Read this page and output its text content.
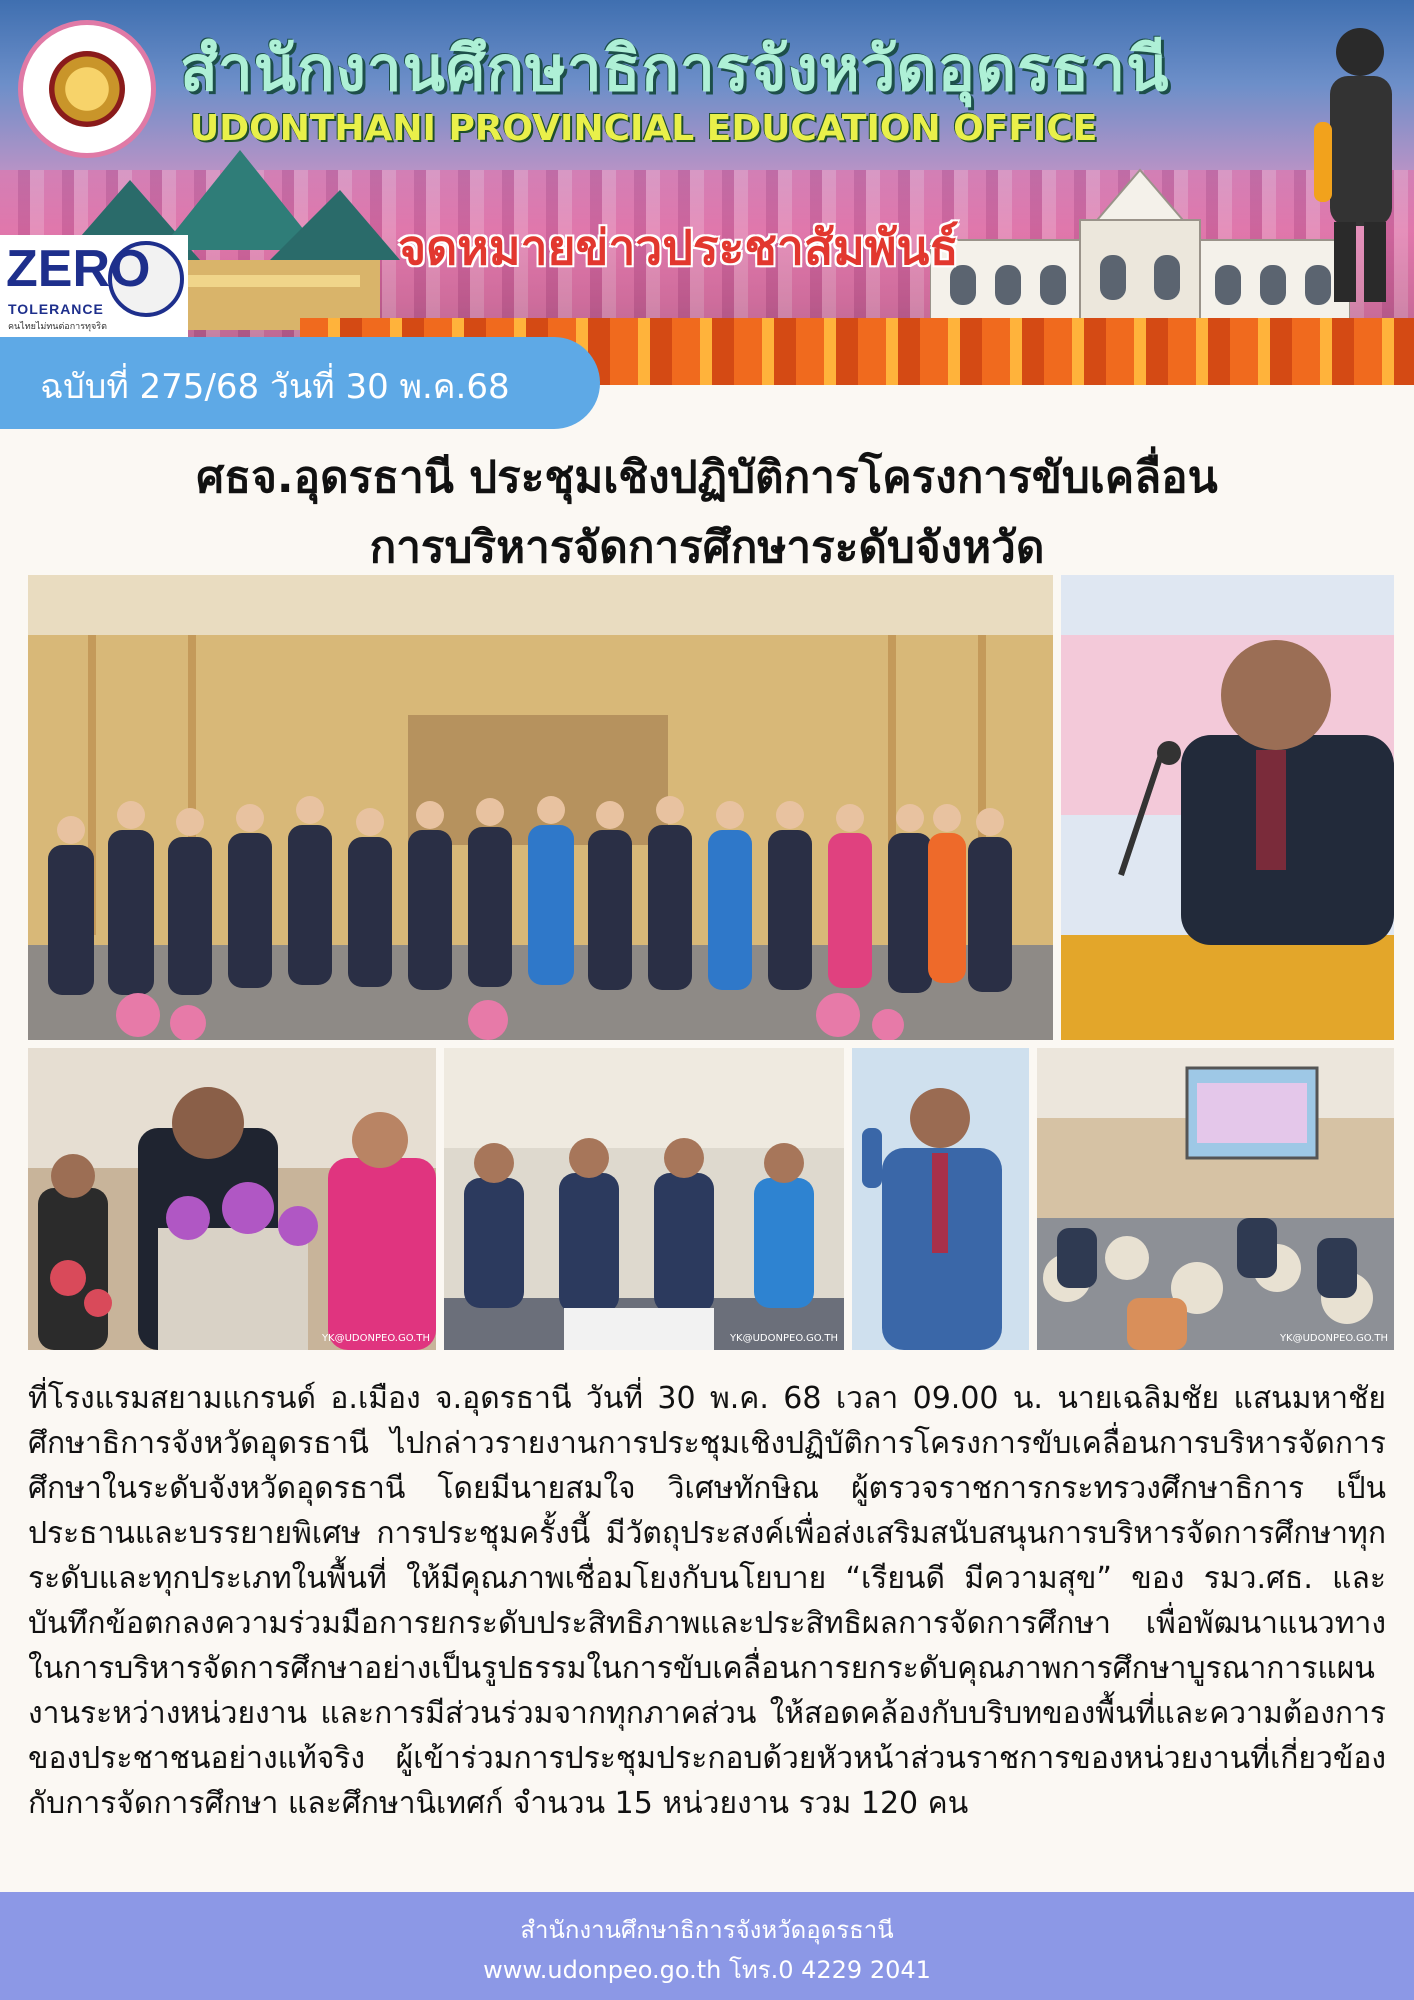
สำนักงานศึกษาธิการจังหวัดอุดรธานี
UDONTHANI PROVINCIAL EDUCATION OFFICE
จดหมายข่าวประชาสัมพันธ์
ZERO
TOLERANCE
คนไทยไม่ทนต่อการทุจริต
ฉบับที่ 275/68 วันที่ 30 พ.ค.68
ศธจ.อุดรธานี ประชุมเชิงปฏิบัติการโครงการขับเคลื่อน
การบริหารจัดการศึกษาระดับจังหวัด
YK@UDONPEO.GO.TH	YK@UDONPEO.GO.TH	YK@UDONPEO.GO.TH
ที่โรงแรมสยามแกรนด์ อ.เมือง จ.อุดรธานี วันที่ 30 พ.ค. 68 เวลา 09.00 น. นายเฉลิมชัย แสนมหาชัย ศึกษาธิการจังหวัดอุดรธานี ไปกล่าวรายงานการประชุมเชิงปฏิบัติการโครงการขับเคลื่อนการบริหารจัดการศึกษาในระดับจังหวัดอุดรธานี โดยมีนายสมใจ วิเศษทักษิณ ผู้ตรวจราชการกระทรวงศึกษาธิการ เป็นประธานและบรรยายพิเศษ การประชุมครั้งนี้ มีวัตถุประสงค์เพื่อส่งเสริมสนับสนุนการบริหารจัดการศึกษาทุกระดับและทุกประเภทในพื้นที่ ให้มีคุณภาพเชื่อมโยงกับนโยบาย “เรียนดี มีความสุข” ของ รมว.ศธ. และบันทึกข้อตกลงความร่วมมือการยกระดับประสิทธิภาพและประสิทธิผลการจัดการศึกษา เพื่อพัฒนาแนวทางในการบริหารจัดการศึกษาอย่างเป็นรูปธรรมในการขับเคลื่อนการยกระดับคุณภาพการศึกษาบูรณาการแผนงานระหว่างหน่วยงาน และการมีส่วนร่วมจากทุกภาคส่วน ให้สอดคล้องกับบริบทของพื้นที่และความต้องการของประชาชนอย่างแท้จริง ผู้เข้าร่วมการประชุมประกอบด้วยหัวหน้าส่วนราชการของหน่วยงานที่เกี่ยวข้องกับการจัดการศึกษา และศึกษานิเทศก์ จำนวน 15 หน่วยงาน รวม 120 คน
สำนักงานศึกษาธิการจังหวัดอุดรธานี
www.udonpeo.go.th โทร.0 4229 2041
